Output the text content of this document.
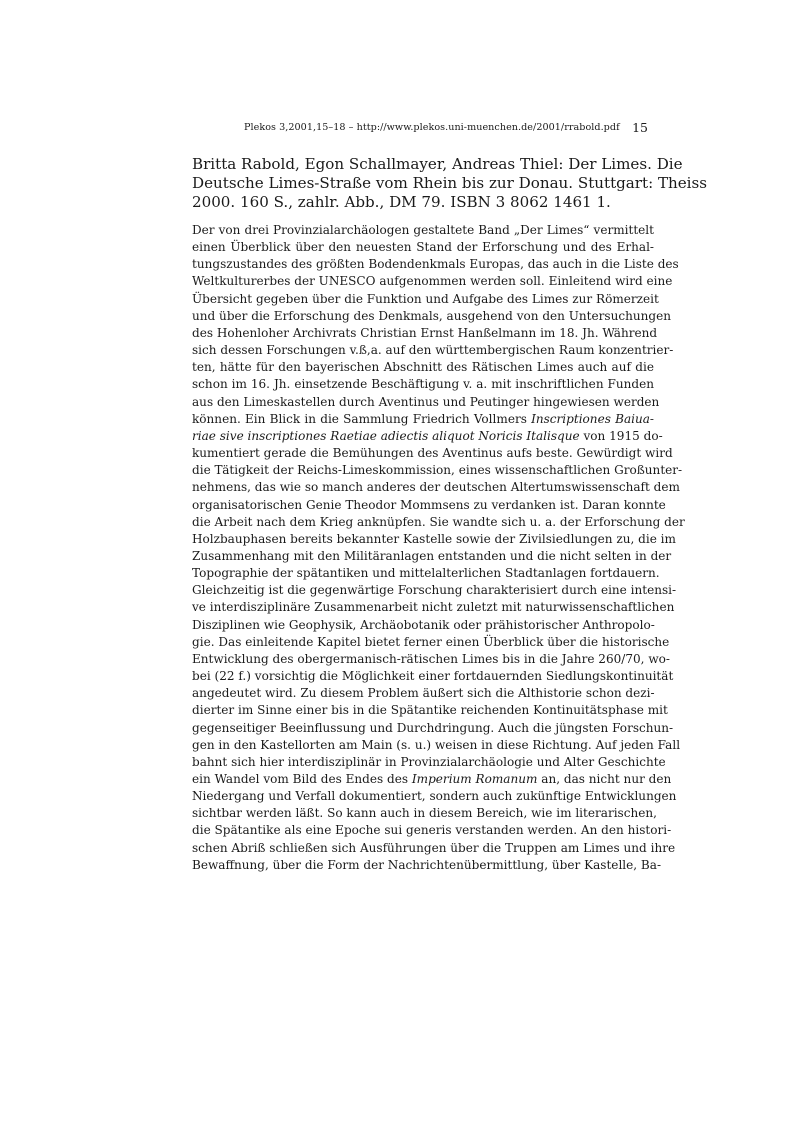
Plekos 3,2001,15–18 – http://www.plekos.uni-muenchen.de/2001/rrabold.pdf 15
Britta Rabold, Egon Schallmayer, Andreas Thiel: Der Limes. Die
Deutsche Limes-Straße vom Rhein bis zur Donau. Stuttgart: Theiss
2000. 160 S., zahlr. Abb., DM 79. ISBN 3 8062 1461 1.
Der von drei Provinzialarchäologen gestaltete Band „Der Limes“ vermittelt
einen Überblick über den neuesten Stand der Erforschung und des Erhal-
tungszustandes des größten Bodendenkmals Europas, das auch in die Liste des
Weltkulturerbes der UNESCO aufgenommen werden soll. Einleitend wird eine
Übersicht gegeben über die Funktion und Aufgabe des Limes zur Römerzeit
und über die Erforschung des Denkmals, ausgehend von den Untersuchungen
des Hohenloher Archivrats Christian Ernst Hanßelmann im 18. Jh. Während
sich dessen Forschungen v.ß,a. auf den württembergischen Raum konzentrier-
ten, hätte für den bayerischen Abschnitt des Rätischen Limes auch auf die
schon im 16. Jh. einsetzende Beschäftigung v. a. mit inschriftlichen Funden
aus den Limeskastellen durch Aventinus und Peutinger hingewiesen werden
können. Ein Blick in die Sammlung Friedrich Vollmers Inscriptiones Baiua-
riae sive inscriptiones Raetiae adiectis aliquot Noricis Italisque von 1915 do-
kumentiert gerade die Bemühungen des Aventinus aufs beste. Gewürdigt wird
die Tätigkeit der Reichs-Limeskommission, eines wissenschaftlichen Großunter-
nehmens, das wie so manch anderes der deutschen Altertumswissenschaft dem
organisatorischen Genie Theodor Mommsens zu verdanken ist. Daran konnte
die Arbeit nach dem Krieg anknüpfen. Sie wandte sich u. a. der Erforschung der
Holzbauphasen bereits bekannter Kastelle sowie der Zivilsiedlungen zu, die im
Zusammenhang mit den Militäranlagen entstanden und die nicht selten in der
Topographie der spätantiken und mittelalterlichen Stadtanlagen fortdauern.
Gleichzeitig ist die gegenwärtige Forschung charakterisiert durch eine intensi-
ve interdisziplinäre Zusammenarbeit nicht zuletzt mit naturwissenschaftlichen
Disziplinen wie Geophysik, Archäobotanik oder prähistorischer Anthropolo-
gie. Das einleitende Kapitel bietet ferner einen Überblick über die historische
Entwicklung des obergermanisch-rätischen Limes bis in die Jahre 260/70, wo-
bei (22 f.) vorsichtig die Möglichkeit einer fortdauernden Siedlungskontinuität
angedeutet wird. Zu diesem Problem äußert sich die Althistorie schon dezi-
dierter im Sinne einer bis in die Spätantike reichenden Kontinuitätsphase mit
gegenseitiger Beeinflussung und Durchdringung. Auch die jüngsten Forschun-
gen in den Kastellorten am Main (s. u.) weisen in diese Richtung. Auf jeden Fall
bahnt sich hier interdisziplinär in Provinzialarchäologie und Alter Geschichte
ein Wandel vom Bild des Endes des Imperium Romanum an, das nicht nur den
Niedergang und Verfall dokumentiert, sondern auch zukünftige Entwicklungen
sichtbar werden läßt. So kann auch in diesem Bereich, wie im literarischen,
die Spätantike als eine Epoche sui generis verstanden werden. An den histori-
schen Abriß schließen sich Ausführungen über die Truppen am Limes und ihre
Bewaffnung, über die Form der Nachrichtenübermittlung, über Kastelle, Ba-
